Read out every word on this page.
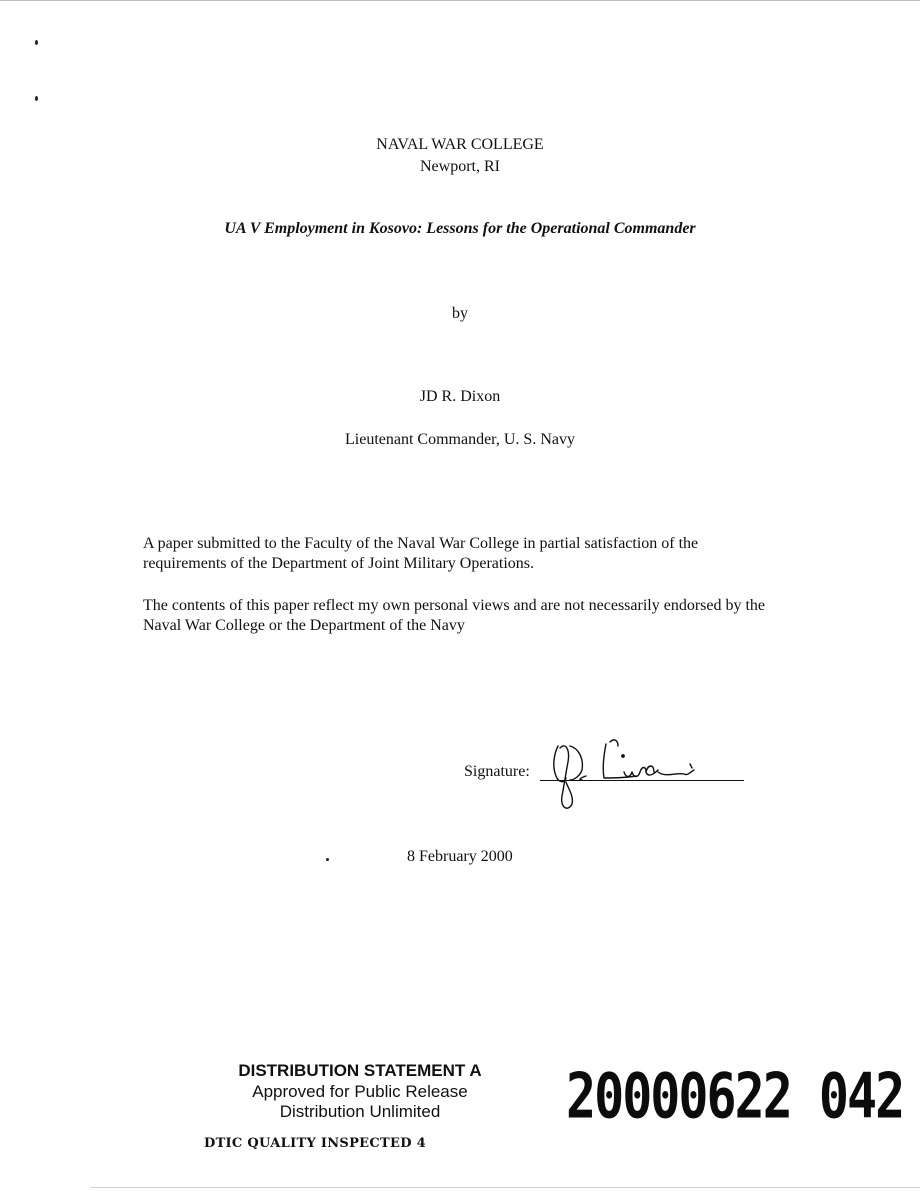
NAVAL WAR COLLEGE
Newport, RI
UA V Employment in Kosovo: Lessons for the Operational Commander
by
JD R. Dixon
Lieutenant Commander, U. S. Navy

A paper submitted to the Faculty of the Naval War College in partial satisfaction of the requirements of the Department of Joint Military Operations.

The contents of this paper reflect my own personal views and are not necessarily endorsed by the Naval War College or the Department of the Navy

Signature:
8 February 2000
DISTRIBUTION STATEMENT A
Approved for Public Release
Distribution Unlimited
DTIC QUALITY INSPECTED 4
20000622 042
